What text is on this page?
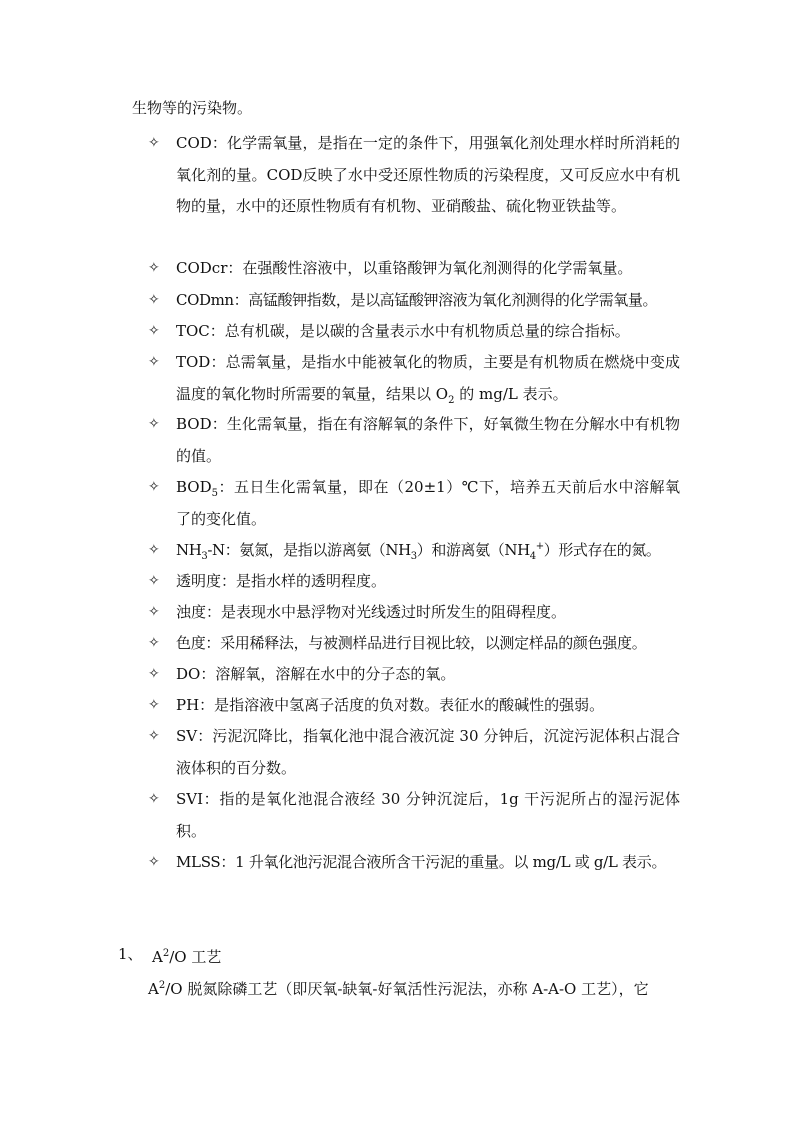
生物等的污染物。
✧	COD：化学需氧量，是指在一定的条件下，用强氧化剂处理水样时所消耗的氧化剂的量。COD反映了水中受还原性物质的污染程度，又可反应水中有机物的量，水中的还原性物质有有机物、亚硝酸盐、硫化物亚铁盐等。
✧	CODcr：在强酸性溶液中，以重铬酸钾为氧化剂测得的化学需氧量。
✧	CODmn：高锰酸钾指数，是以高锰酸钾溶液为氧化剂测得的化学需氧量。
✧	TOC：总有机碳，是以碳的含量表示水中有机物质总量的综合指标。
✧	TOD：总需氧量，是指水中能被氧化的物质，主要是有机物质在燃烧中变成温度的氧化物时所需要的氧量，结果以 $O_2$ 的 mg/L 表示。
✧	BOD：生化需氧量，指在有溶解氧的条件下，好氧微生物在分解水中有机物的值。
✧	$BOD_5$：五日生化需氧量，即在（20±1）℃下，培养五天前后水中溶解氧了的变化值。
✧	$NH_3-N$：氨氮，是指以游离氨$(NH_3)$和游离氨$(NH_4^+)$形式存在的氮。
✧	透明度：是指水样的透明程度。
✧	浊度：是表现水中悬浮物对光线透过时所发生的阻碍程度。
✧	色度：采用稀释法，与被测样品进行目视比较，以测定样品的颜色强度。
✧	DO：溶解氧，溶解在水中的分子态的氧。
✧	PH：是指溶液中氢离子活度的负对数。表征水的酸碱性的强弱。
✧	SV：污泥沉降比，指氧化池中混合液沉淀 30 分钟后，沉淀污泥体积占混合液体积的百分数。
✧	SVI：指的是氧化池混合液经 30 分钟沉淀后，1g 干污泥所占的湿污泥体积。
✧	MLSS：1 升氧化池污泥混合液所含干污泥的重量。以 mg/L 或 g/L 表示。
1、 $A^2/O$ 工艺
$A^2/O$ 脱氮除磷工艺（即厌氧-缺氧-好氧活性污泥法，亦称 A-A-O 工艺），它
